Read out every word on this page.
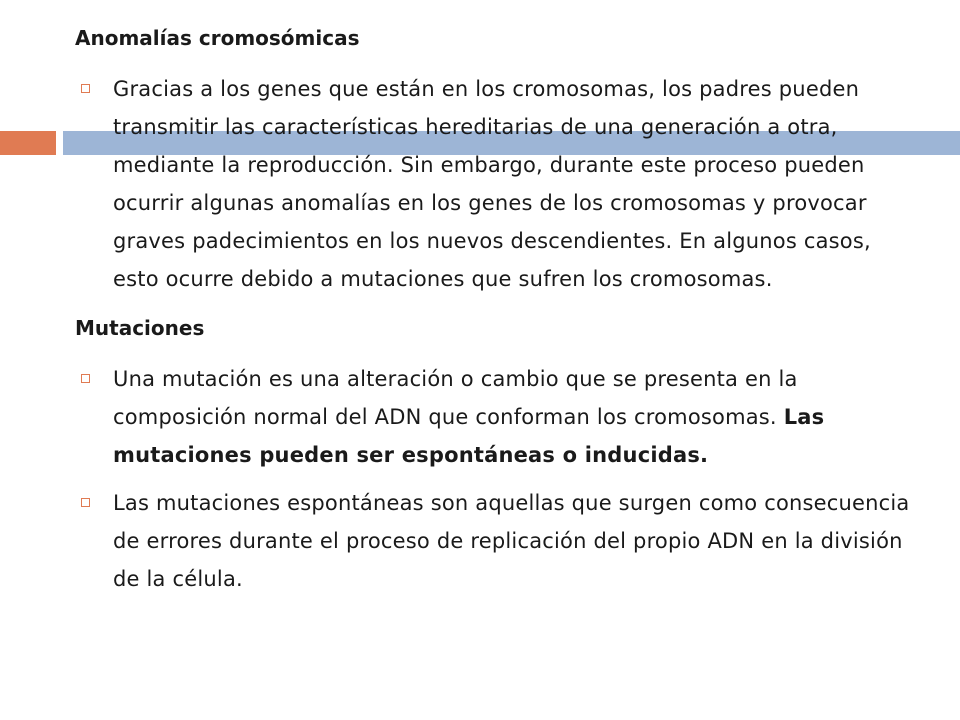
Anomalías cromosómicas
Gracias a los genes que están en los cromosomas, los padres pueden transmitir las características hereditarias de una generación a otra, mediante la reproducción. Sin embargo, durante este proceso pueden ocurrir algunas anomalías en los genes de los cromosomas y provocar graves padecimientos en los nuevos descendientes. En algunos casos, esto ocurre debido a mutaciones que sufren los cromosomas.
Mutaciones
Una mutación es una alteración o cambio que se presenta en la composición normal del ADN que conforman los cromosomas. Las mutaciones pueden ser espontáneas o inducidas.
Las mutaciones espontáneas son aquellas que surgen como consecuencia de errores durante el proceso de replicación del propio ADN en la división de la célula.
